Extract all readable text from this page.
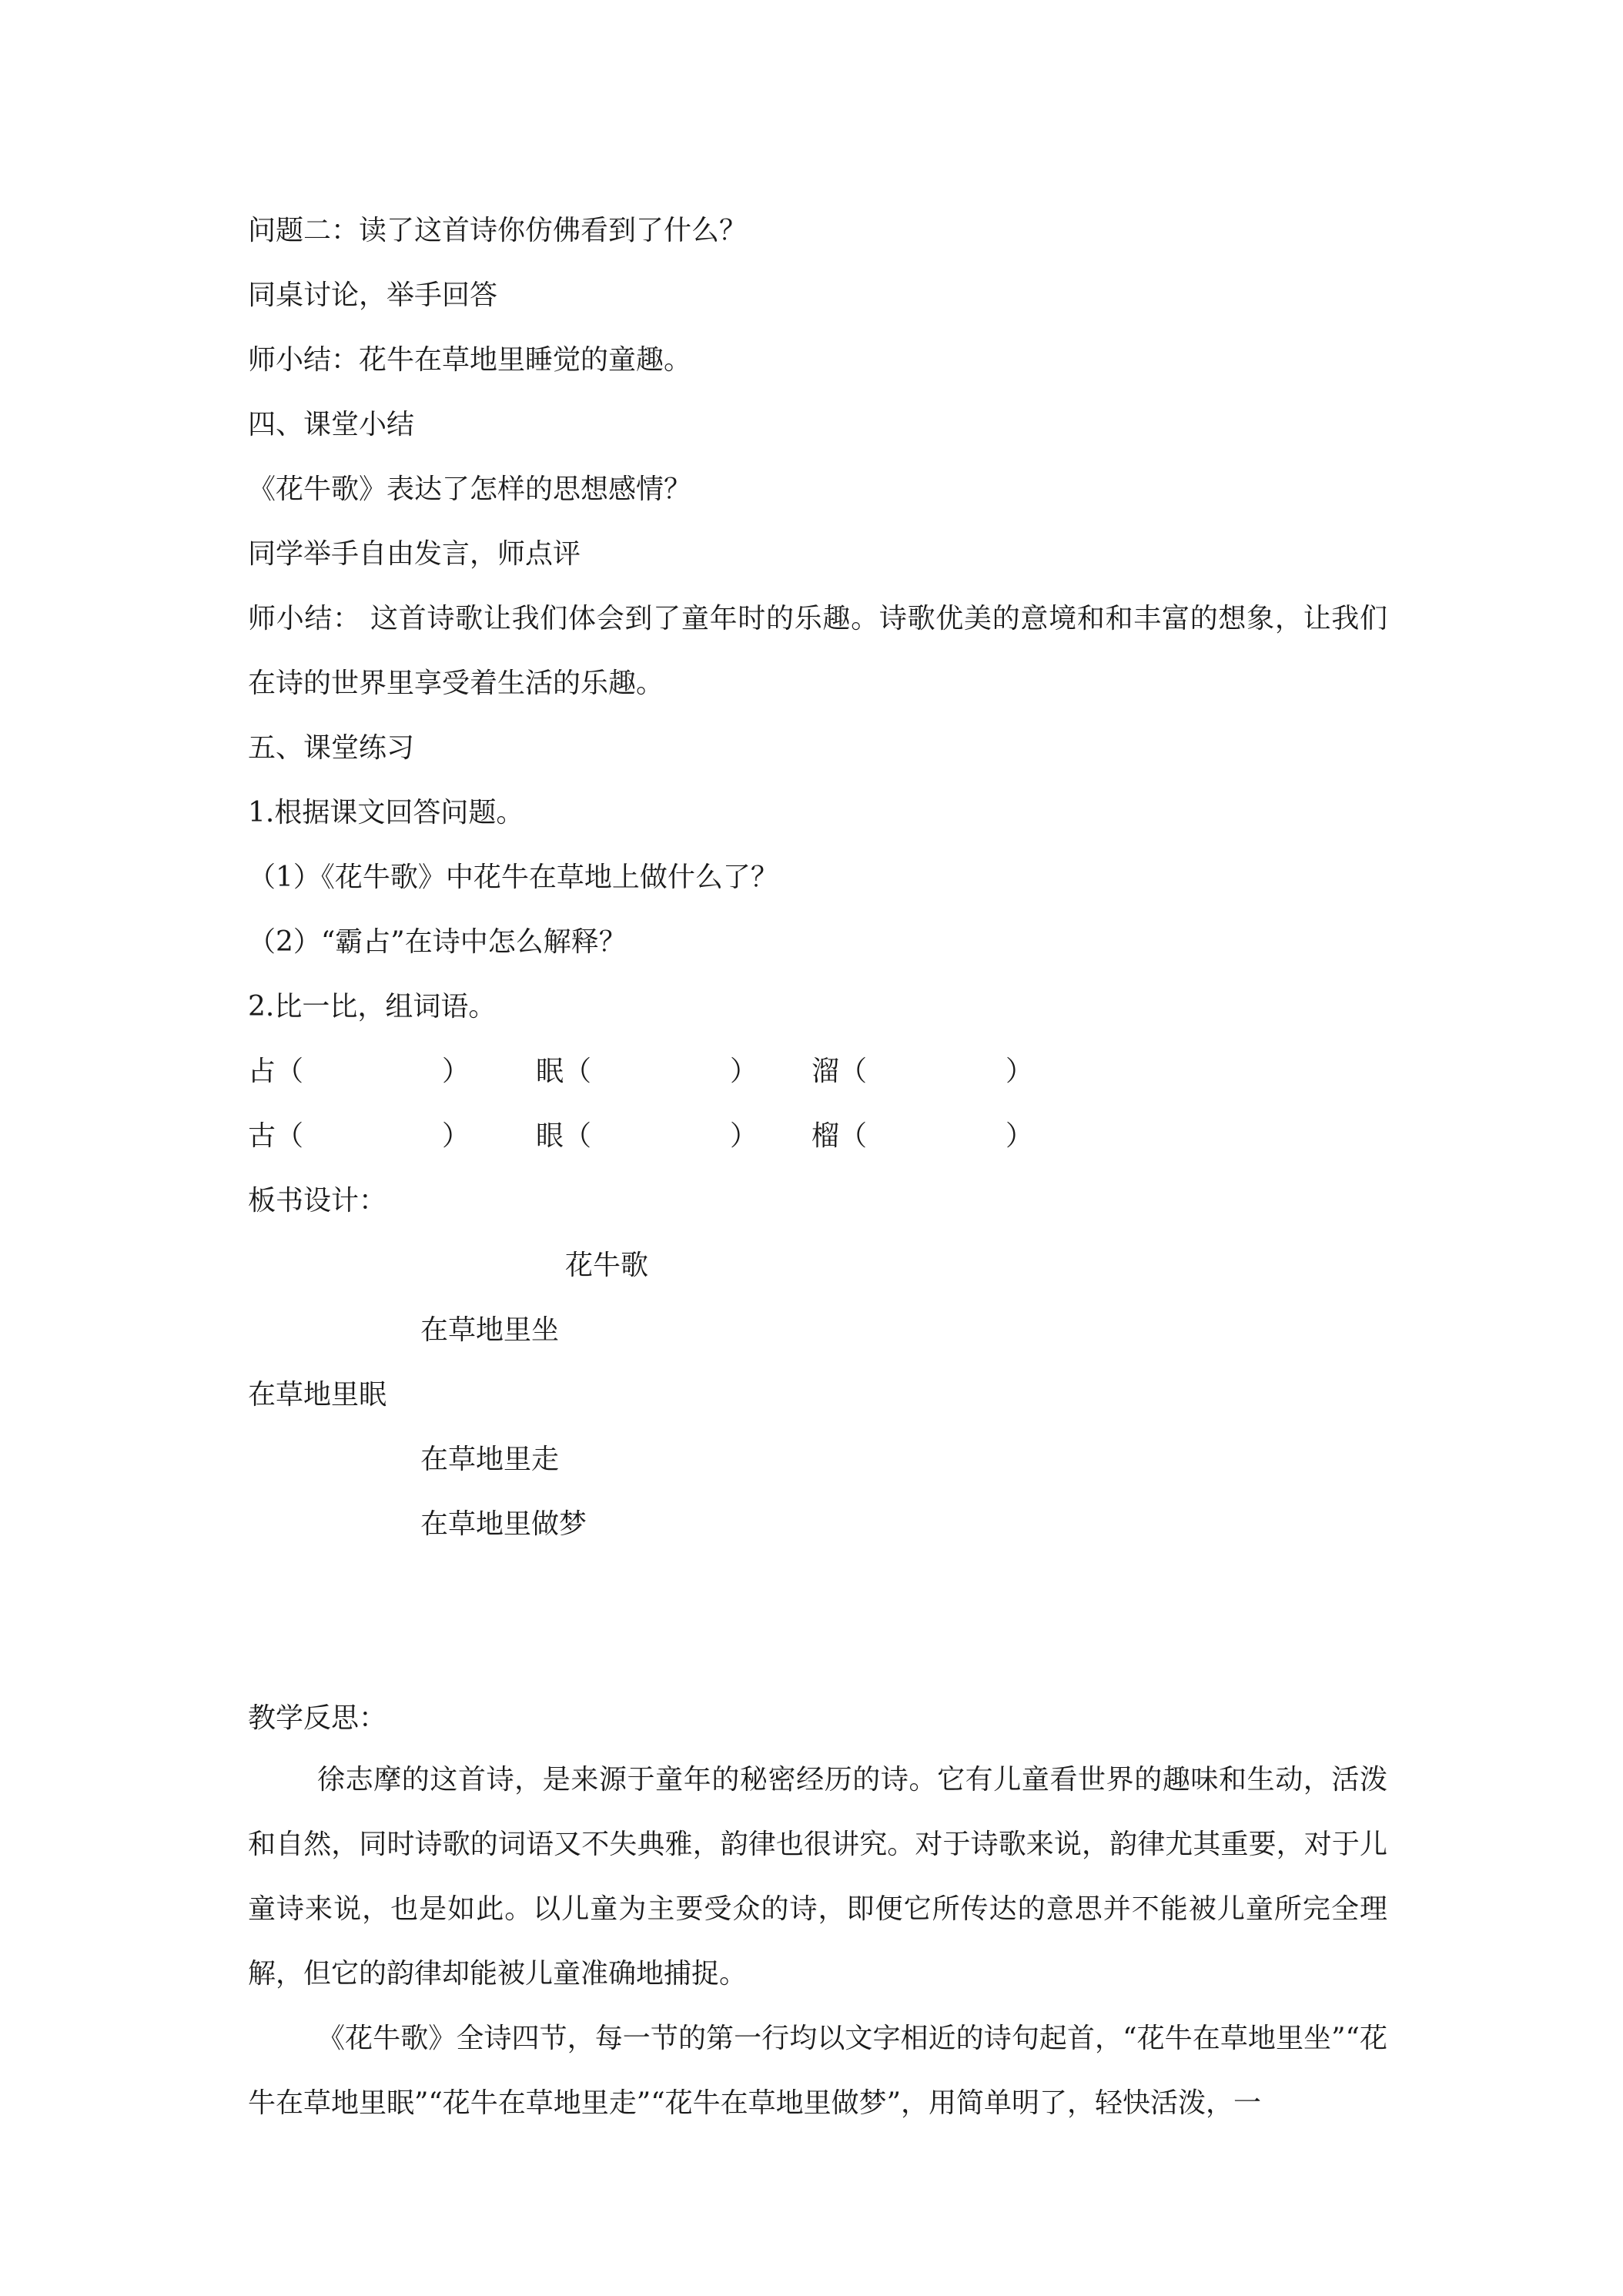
问题二：读了这首诗你仿佛看到了什么？
同桌讨论，举手回答
师小结：花牛在草地里睡觉的童趣。
四、课堂小结
《花牛歌》表达了怎样的思想感情？
同学举手自由发言，师点评
师小结： 这首诗歌让我们体会到了童年时的乐趣。诗歌优美的意境和和丰富的想象，让我们在诗的世界里享受着生活的乐趣。
五、课堂练习
1.根据课文回答问题。
（1）《花牛歌》中花牛在草地上做什么了？
（2）“霸占”在诗中怎么解释？
2.比一比，组词语。
占（　　　　　） 眠（　　　　　） 溜（　　　　　）
古（　　　　　） 眼（　　　　　） 榴（　　　　　）
板书设计：
花牛歌
在草地里坐
在草地里眠
在草地里走
在草地里做梦
教学反思：
徐志摩的这首诗，是来源于童年的秘密经历的诗。它有儿童看世界的趣味和生动，活泼和自然，同时诗歌的词语又不失典雅，韵律也很讲究。对于诗歌来说，韵律尤其重要，对于儿童诗来说，也是如此。以儿童为主要受众的诗，即便它所传达的意思并不能被儿童所完全理解，但它的韵律却能被儿童准确地捕捉。
《花牛歌》全诗四节，每一节的第一行均以文字相近的诗句起首，“花牛在草地里坐”“花牛在草地里眠”“花牛在草地里走”“花牛在草地里做梦”，用简单明了，轻快活泼，一
